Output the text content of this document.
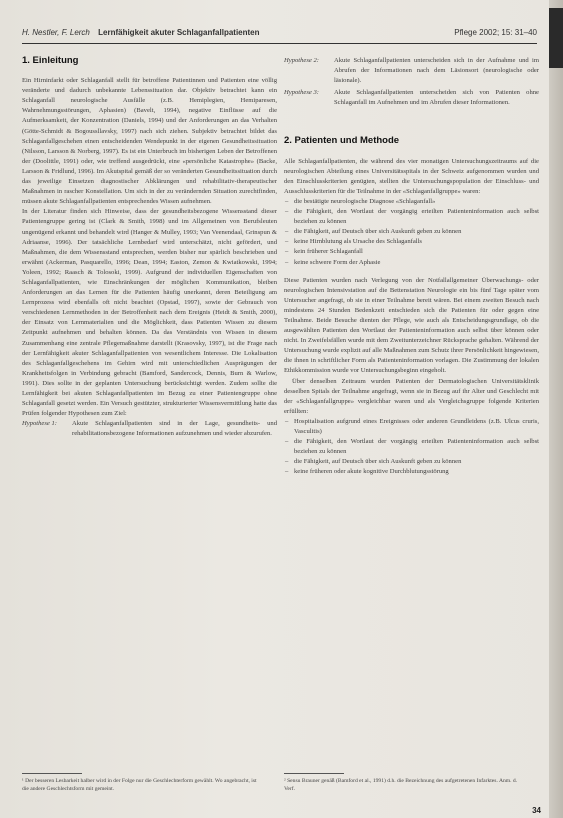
H. Nestler, F. Lerch Lernfähigkeit akuter Schlaganfallpatienten	Pflege 2002; 15: 31–40
1. Einleitung

Ein Hirninfarkt oder Schlaganfall stellt für betroffene Patientinnen und Patienten eine völlig veränderte und dadurch unbekannte Lebenssituation dar. Objektiv betrachtet kann ein Schlaganfall neurologische Ausfälle (z.B. Hemiplegien, Hemiparesen, Wahrnehmungsstörungen, Aphasien) (Bavelt, 1994), negative Einflüsse auf die Aufmerksamkeit, der Konzentration (Daniels, 1994) und der Anforderungen an das Verhalten (Götte-Schmidt & Bogoussllavsky, 1997) nach sich ziehen. Subjektiv betrachtet bildet das Schlaganfallgeschehen einen entscheidenden Wendepunkt in der eigenen Gesundheitssituation (Nilsson, Larsson & Norberg, 1997). Es ist ein Unterbruch im bisherigen Leben der Betroffenen der (Doolittle, 1991) oder, wie treffend ausgedrückt, eine «persönliche Katastrophe» (Backe, Larsson & Fridlund, 1996). Im Akutspital gemäß der so veränderten Gesundheitssituation durch das jeweilige Einsetzen diagnostischer Abklärungen und rehabilitativ-therapeutischer Maßnahmen in rascher Konstellation. Um sich in der zu verändernden Situation zurechtfinden, müssen akute Schlaganfallpatienten entsprechendes Wissen aufnehmen.

In der Literatur finden sich Hinweise, dass der gesundheitsbezogene Wissensstand dieser Patientengruppe gering ist (Clark & Smith, 1998) und im Allgemeinen von Berufsleuten ungenügend erkannt und behandelt wird (Hanger & Mulley, 1993; Van Veenendaal, Grinspun & Adriaanse, 1996). Der tatsächliche Lernbedarf wird unterschätzt, nicht gefördert, und Maßnahmen, die dem Wissensstand entsprechen, werden bisher nur spärlich beschrieben und erwähnt (Ackerman, Pasquarello, 1996; Dean, 1994; Easton, Zemon & Kwiatkowski, 1994; Yoleen, 1992; Raasch & Tolosoki, 1999). Aufgrund der individuellen Eigenschaften von Schlaganfallpatienten, wie Einschränkungen der möglichen Kommunikation, bleiben Anforderungen an das Lernen für die Patienten häufig unerkannt, deren Beteiligung am Lernprozess wird ebenfalls oft nicht beachtet (Opstad, 1997), sowie der Gebrauch von verschiedenen Lernmethoden in der Betroffenheit nach dem Ereignis (Heidt & Smith, 2000), der Einsatz von Lernmaterialien und die Möglichkeit, dass Patienten Wissen zu diesem Zeitpunkt aufnehmen und behalten können. Da das Verständnis von Wissen in diesem Zusammenhang eine zentrale Pflegemaßnahme darstellt (Krasovsky, 1997), ist die Frage nach der Lernfähigkeit akuter Schlaganfallpatienten von wesentlichem Interesse. Die Lokalisation des Schlaganfallgeschehens im Gehirn wird mit unterschiedlichen Ausprägungen der Krankheitsfolgen in Verbindung gebracht (Bamford, Sandercock, Dennis, Burn & Warlow, 1991). Dies sollte in der geplanten Untersuchung berücksichtigt werden. Zudem sollte die Lernfähigkeit bei akuten Schlaganfallpatienten im Bezug zu einer Patientengruppe ohne Schlaganfall gesetzt werden. Ein Versuch gestützter, strukturierter Wissensvermittlung hatte das Prüfen folgender Hypothesen zum Ziel:

Hypothese 1:	Akute Schlaganfallpatienten sind in der Lage, gesundheits- und rehabilitationsbezogene Informationen aufzunehmen und wieder abzurufen.
Hypothese 2:	Akute Schlaganfallpatienten unterscheiden sich in der Aufnahme und im Abrufen der Informationen nach dem Läsionsort (neurologische oder läsionale).
Hypothese 3:	Akute Schlaganfallpatienten unterscheiden sich von Patienten ohne Schlaganfall im Aufnehmen und im Abrufen dieser Informationen.
2. Patienten und Methode

Alle Schlaganfallpatienten, die während des vier monatigen Untersuchungszeitraums auf die neurologischen Abteilung eines Universitätsspitals in der Schweiz aufgenommen wurden und den Einschlusskriterien genügten, stellten die Untersuchungspopulation der Einschluss- und Ausschlusskriterien für die Teilnahme in der «Schlaganfallgruppe» waren:

– die bestätigte neurologische Diagnose «Schlaganfall»
– die Fähigkeit, den Wortlaut der vorgängig erteilten Patienteninformation auch selbst beziehen zu können
– die Fähigkeit, auf Deutsch über sich Auskunft geben zu können
– keine Hirnblutung als Ursache des Schlaganfalls
– kein früherer Schlaganfall
– keine schwere Form der Aphasie

Diese Patienten wurden nach Verlegung von der Notfallallgemeiner Überwachungs- oder neurologischen Intensivstation auf die Bettenstation Neurologie ein bis fünf Tage später vom Untersucher angefragt, ob sie in einer Teilnahme bereit wären. Bei einem zweiten Besuch nach mindestens 24 Stunden Bedenkzeit entschieden sich die Patienten für oder gegen eine Teilnahme. Beide Besuche dienten der Pflege, wie auch als Entscheidungsgrundlage, ob die ausgewählten Patienten den Wortlaut der Patienteninformation auch selbst über können oder nicht. In Zweifelsfällen wurde mit dem Zweitunterzeichner Rücksprache gehalten. Während der Untersuchung wurde explizit auf alle Maßnahmen zum Schutz ihrer Persönlichkeit hingewiesen, die ihnen in schriftlicher Form als Patienteninformation vorlagen. Die Zustimmung der lokalen Ethikkommission wurde vor Untersuchungsbeginn eingeholt.

Über denselben Zeitraum wurden Patienten der Dermatologischen Universitätsklinik desselben Spitals der Teilnahme angefragt, wenn sie in Bezug auf ihr Alter und Geschlecht mit der «Schlaganfallgruppe» vergleichbar waren und als Vergleichsgruppe folgende Kriterien erfüllten:

– Hospitalisation aufgrund eines Ereignisses oder anderen Grundleidens (z.B. Ulcus cruris, Vasculitis)
– die Fähigkeit, den Wortlaut der vorgängig erteilten Patienteninformation auch selbst beziehen zu können
– die Fähigkeit, auf Deutsch über sich Auskunft geben zu können
– keine früheren oder akute kognitive Durchblutungsstörung
¹ Der besseren Lesbarkeit halber wird in der Folge nur die Geschlechterform gewählt. Wo angebracht, ist die andere Geschlechtsform mit gemeint.
² Sensu Brauner genäß (Bamford et al., 1991) d.h. die Bezeichnung des aufgetretenen Infarktes. Anm. d. Verf.
34
